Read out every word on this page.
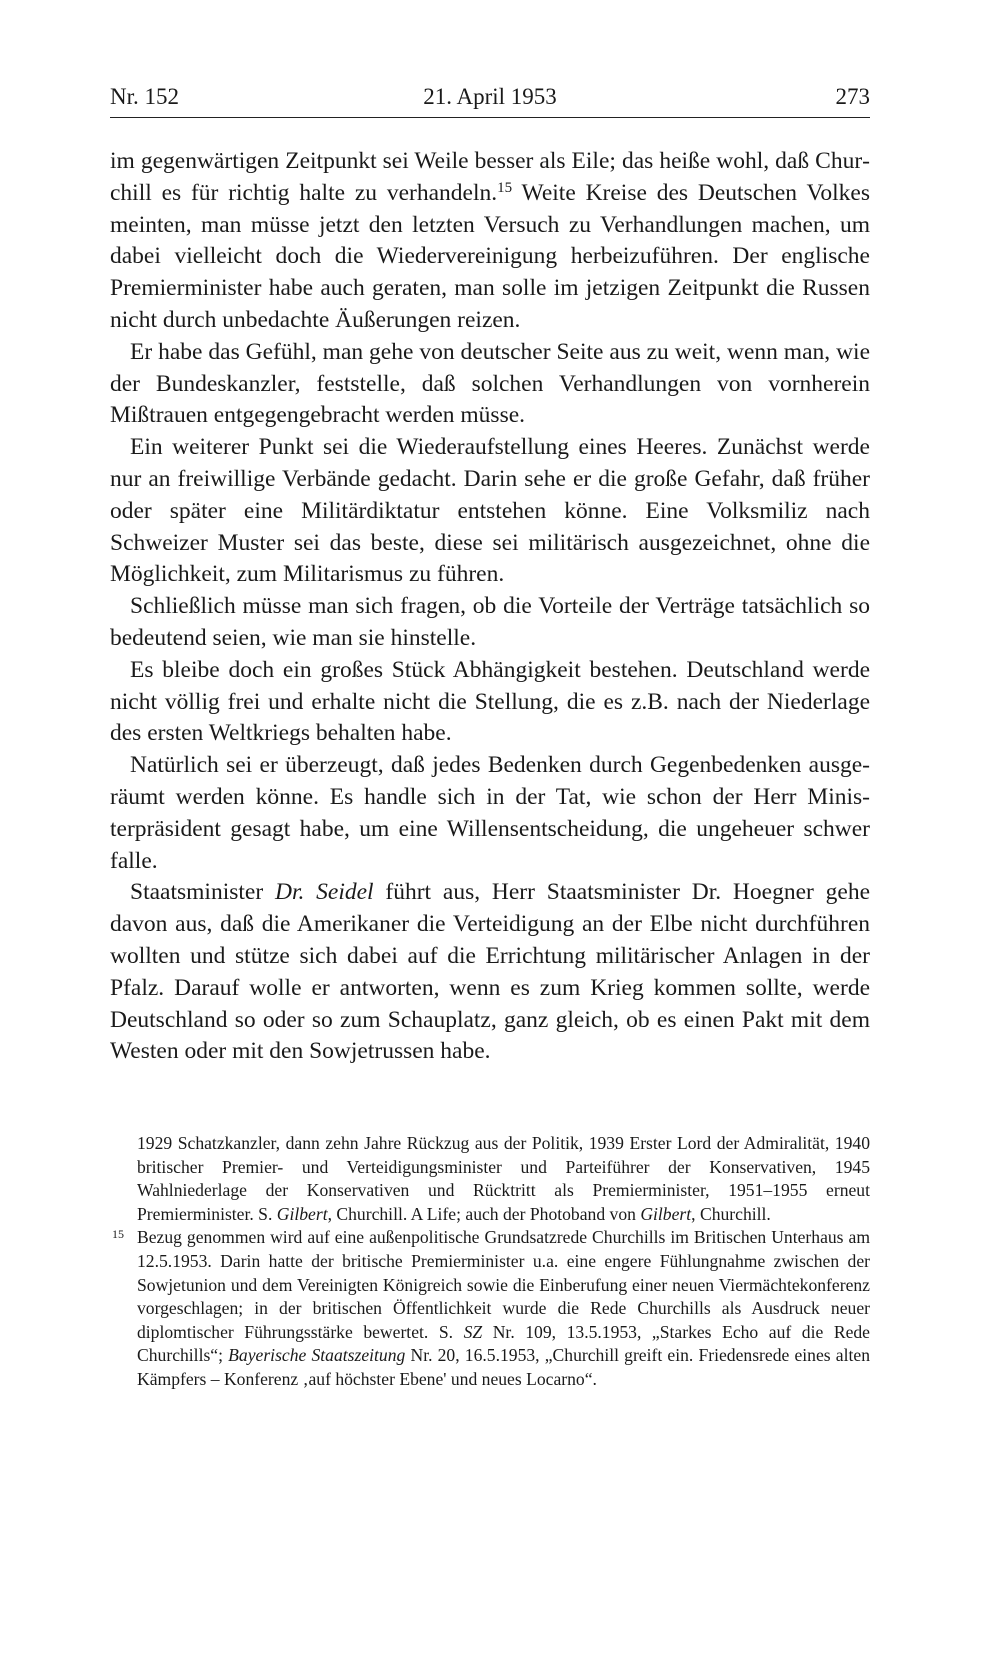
Nr. 152	21. April 1953	273

im gegenwärtigen Zeitpunkt sei Weile besser als Eile; das heiße wohl, daß Churchill es für richtig halte zu verhandeln.$^{15}$ Weite Kreise des Deutschen Volkes meinten, man müsse jetzt den letzten Versuch zu Verhandlungen machen, um dabei vielleicht doch die Wiedervereinigung herbeizuführen. Der englische Premierminister habe auch geraten, man solle im jetzigen Zeitpunkt die Russen nicht durch unbedachte Äußerungen reizen.

Er habe das Gefühl, man gehe von deutscher Seite aus zu weit, wenn man, wie der Bundeskanzler, feststelle, daß solchen Verhandlungen von vornherein Mißtrauen entgegengebracht werden müsse.

Ein weiterer Punkt sei die Wiederaufstellung eines Heeres. Zunächst werde nur an freiwillige Verbände gedacht. Darin sehe er die große Gefahr, daß früher oder später eine Militärdiktatur entstehen könne. Eine Volksmiliz nach Schweizer Muster sei das beste, diese sei militärisch ausgezeichnet, ohne die Möglichkeit, zum Militarismus zu führen.

Schließlich müsse man sich fragen, ob die Vorteile der Verträge tatsächlich so bedeutend seien, wie man sie hinstelle.

Es bleibe doch ein großes Stück Abhängigkeit bestehen. Deutschland werde nicht völlig frei und erhalte nicht die Stellung, die es z.B. nach der Niederlage des ersten Weltkriegs behalten habe.

Natürlich sei er überzeugt, daß jedes Bedenken durch Gegenbedenken ausgeräumt werden könne. Es handle sich in der Tat, wie schon der Herr Ministerpräsident gesagt habe, um eine Willensentscheidung, die ungeheuer schwer falle.

Staatsminister Dr. Seidel führt aus, Herr Staatsminister Dr. Hoegner gehe davon aus, daß die Amerikaner die Verteidigung an der Elbe nicht durchführen wollten und stütze sich dabei auf die Errichtung militärischer Anlagen in der Pfalz. Darauf wolle er antworten, wenn es zum Krieg kommen sollte, werde Deutschland so oder so zum Schauplatz, ganz gleich, ob es einen Pakt mit dem Westen oder mit den Sowjetrussen habe.

1929 Schatzkanzler, dann zehn Jahre Rückzug aus der Politik, 1939 Erster Lord der Admiralität, 1940 britischer Premier- und Verteidigungsminister und Parteiführer der Konservativen, 1945 Wahlniederlage der Konservativen und Rücktritt als Premierminister, 1951–1955 erneut Premierminister. S. Gilbert, Churchill. A Life; auch der Photoband von Gilbert, Churchill.

15 Bezug genommen wird auf eine außenpolitische Grundsatzrede Churchills im Britischen Unterhaus am 12.5.1953. Darin hatte der britische Premierminister u.a. eine engere Fühlungnahme zwischen der Sowjetunion und dem Vereinigten Königreich sowie die Einberufung einer neuen Viermächtekonferenz vorgeschlagen; in der britischen Öffentlichkeit wurde die Rede Churchills als Ausdruck neuer diplomtischer Führungsstärke bewertet. S. SZ Nr. 109, 13.5.1953, „Starkes Echo auf die Rede Churchills“; Bayerische Staatszeitung Nr. 20, 16.5.1953, „Churchill greift ein. Friedensrede eines alten Kämpfers – Konferenz ‚auf höchster Ebene' und neues Locarno“.
